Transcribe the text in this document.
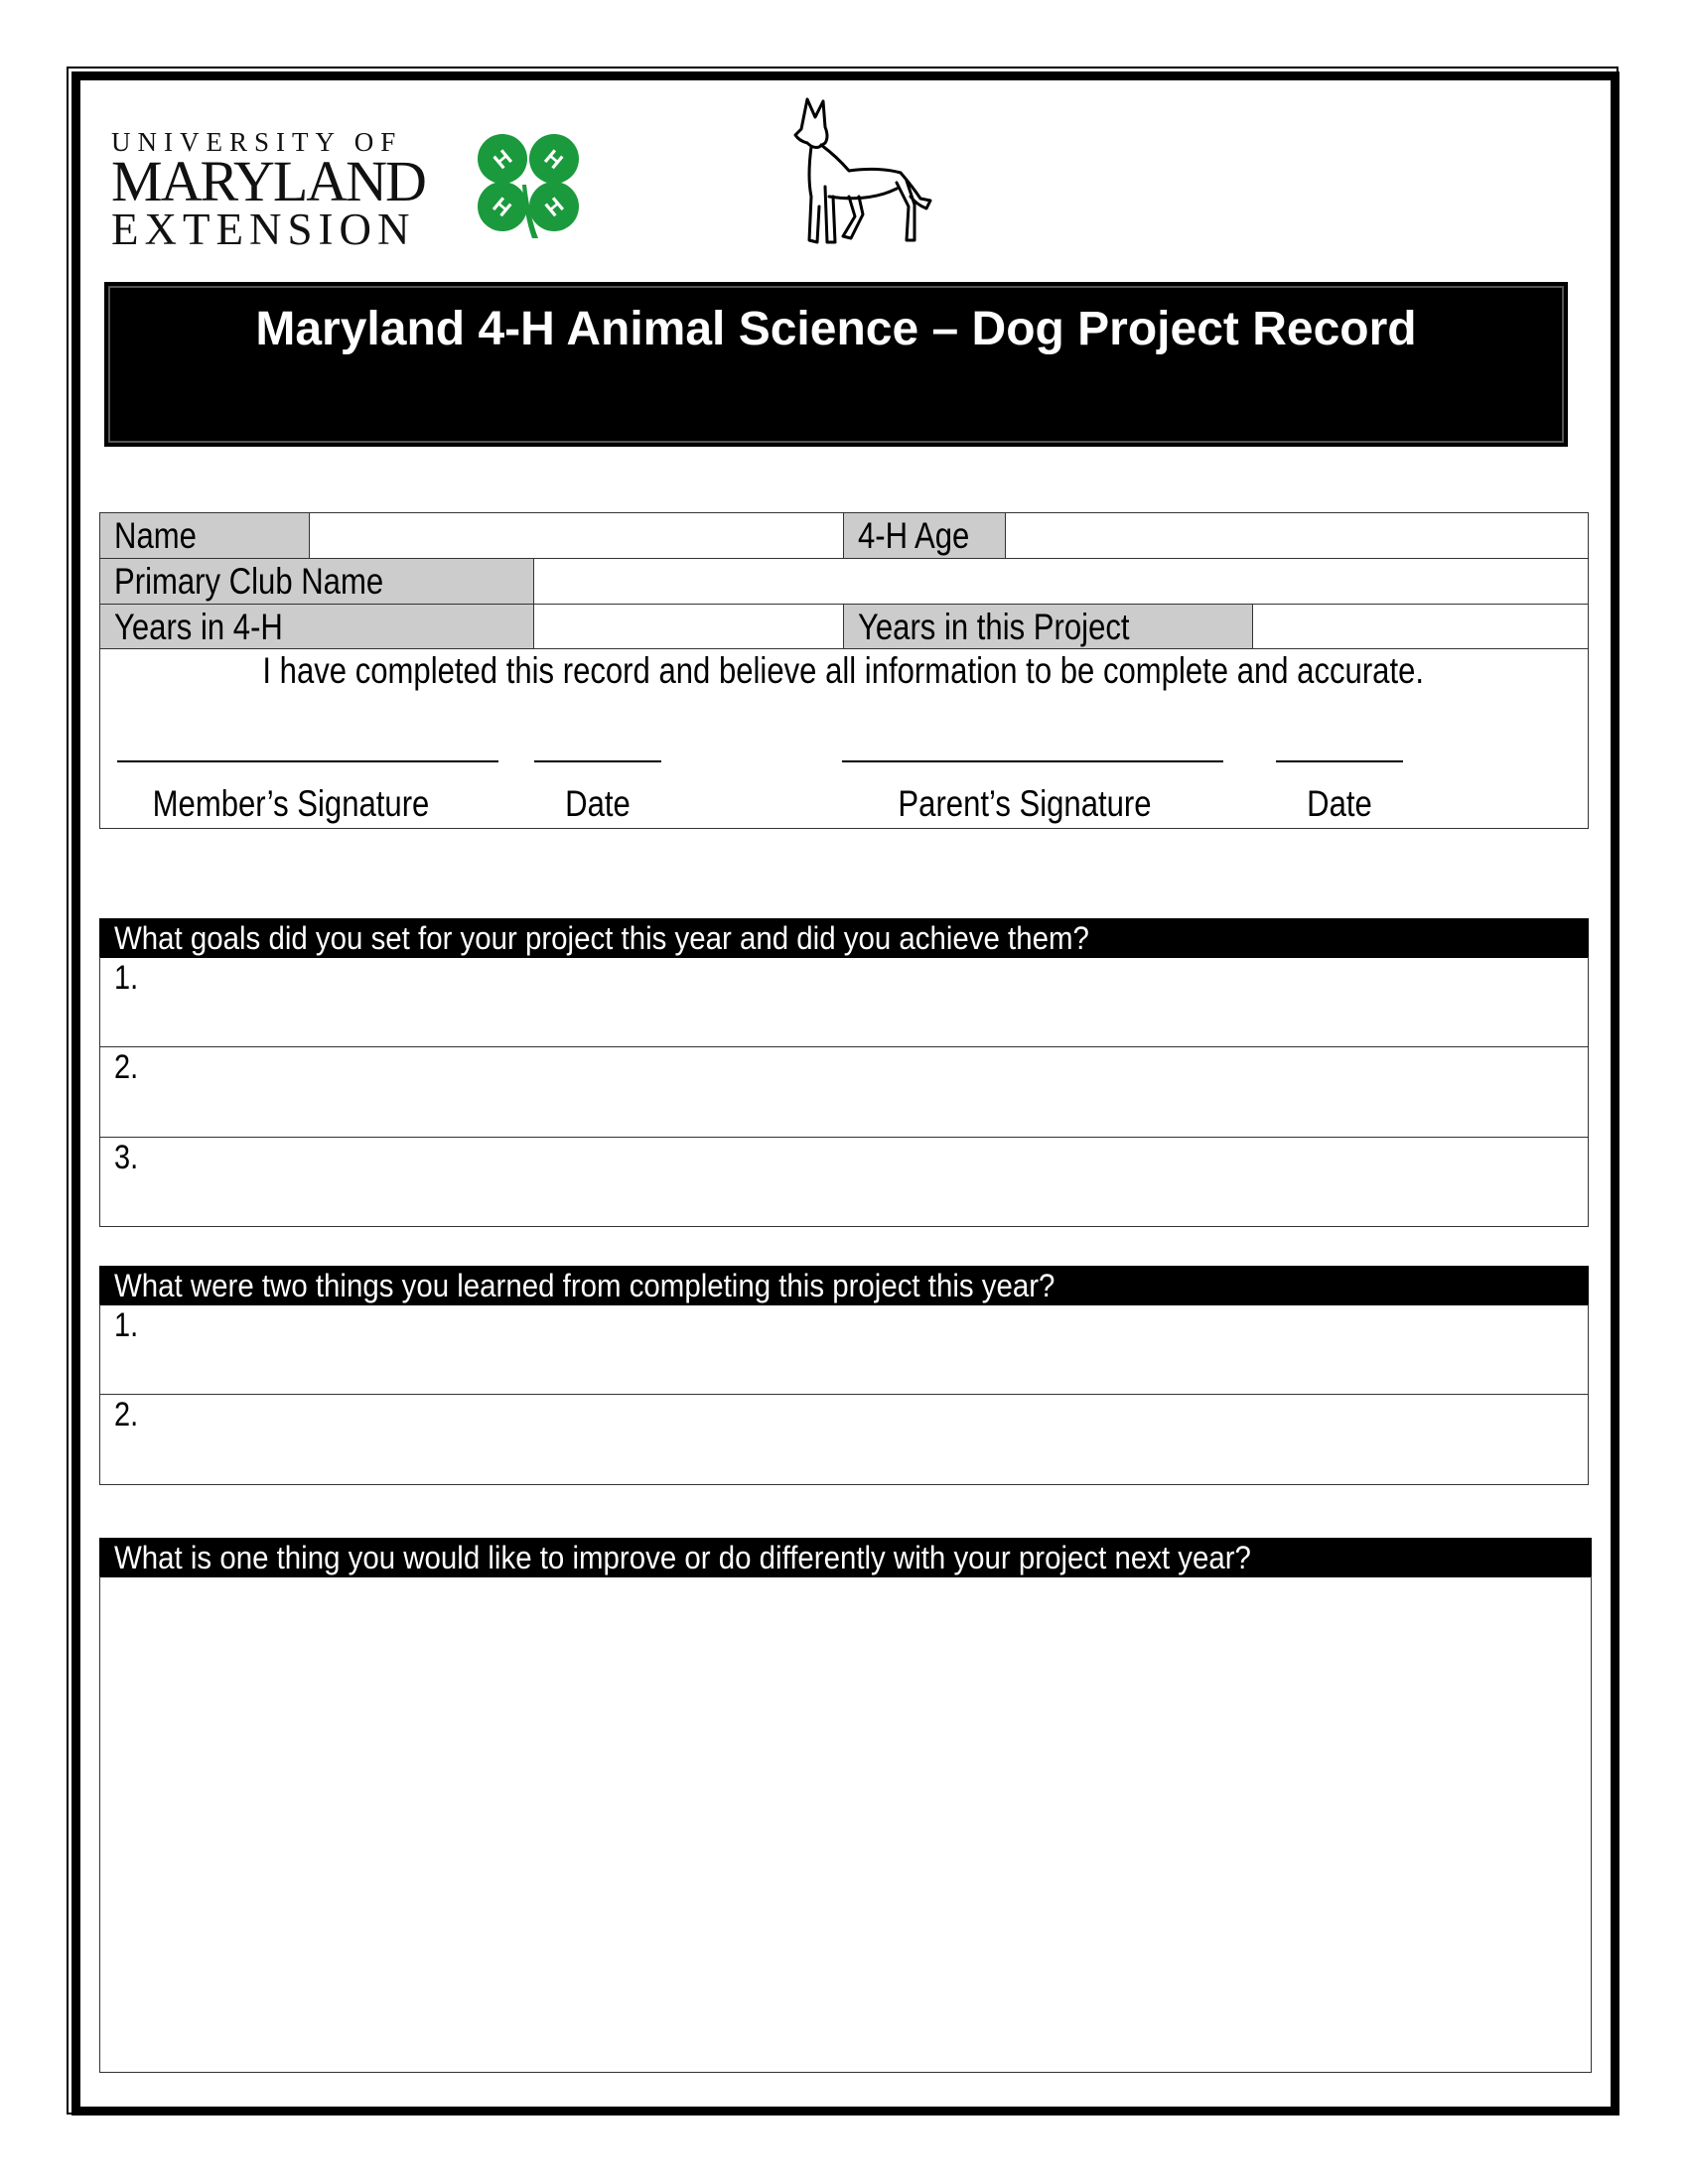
UNIVERSITY OF
MARYLAND
EXTENSION
H H
H H
Maryland 4-H Animal Science – Dog Project Record
Name	4-H Age
Primary Club Name
Years in 4-H	Years in this Project
I have completed this record and believe all information to be complete and accurate.
Member’s Signature	Date	Parent’s Signature	Date
What goals did you set for your project this year and did you achieve them?
1.
2.
3.
What were two things you learned from completing this project this year?
1.
2.
What is one thing you would like to improve or do differently with your project next year?
